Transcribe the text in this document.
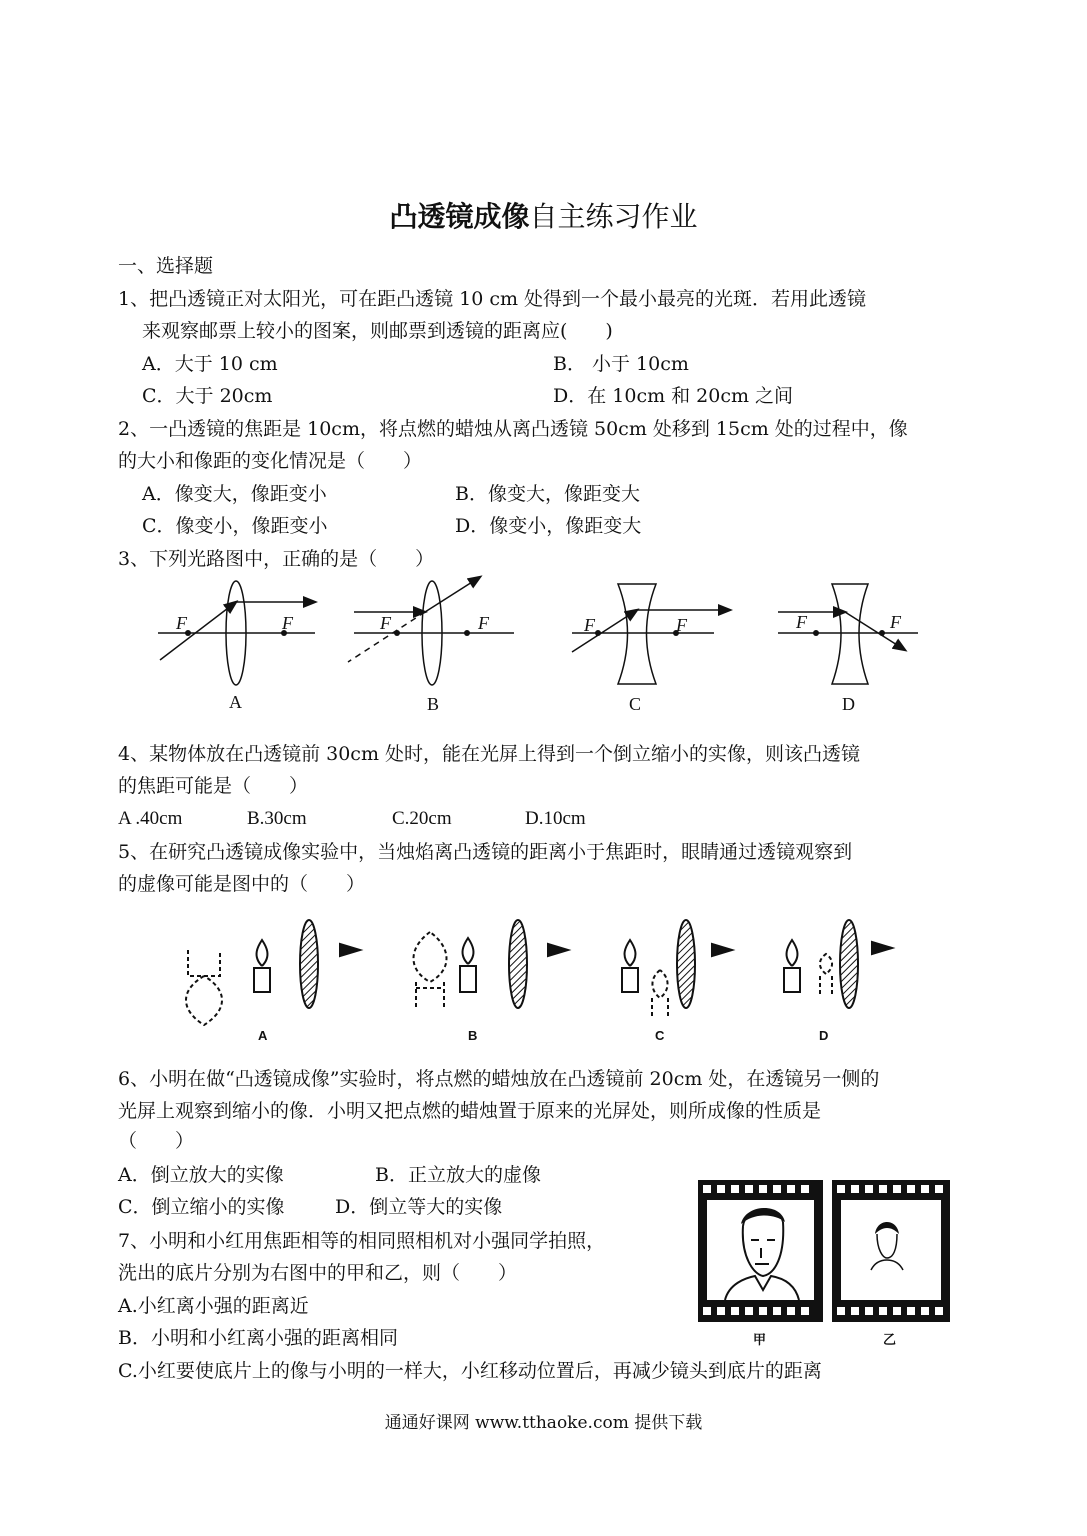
凸透镜成像自主练习作业
一、选择题
1、把凸透镜正对太阳光，可在距凸透镜 10 cm 处得到一个最小最亮的光斑．若用此透镜
来观察邮票上较小的图案，则邮票到透镜的距离应(　　)
A．大于 10 cm	B． 小于 10cm
C．大于 20cm	D．在 10cm 和 20cm 之间
2、一凸透镜的焦距是 10cm，将点燃的蜡烛从离凸透镜 50cm 处移到 15cm 处的过程中，像
的大小和像距的变化情况是（　　）
A．像变大，像距变小	B．像变大，像距变大
C．像变小，像距变小	D．像变小，像距变大
3、下列光路图中，正确的是（　　）
F	F	F	F	F	F	F	F
A	B	C	D
4、某物体放在凸透镜前 30cm 处时，能在光屏上得到一个倒立缩小的实像，则该凸透镜
的焦距可能是（　　）
A .40cm	B.30cm	C.20cm	D.10cm
5、在研究凸透镜成像实验中，当烛焰离凸透镜的距离小于焦距时，眼睛通过透镜观察到
的虚像可能是图中的（　　）
A	B	C	D
6、小明在做“凸透镜成像”实验时，将点燃的蜡烛放在凸透镜前 20cm 处，在透镜另一侧的
光屏上观察到缩小的像．小明又把点燃的蜡烛置于原来的光屏处，则所成像的性质是
（　　）
A．倒立放大的实像	B．正立放大的虚像
C．倒立缩小的实像	D．倒立等大的实像
7、小明和小红用焦距相等的相同照相机对小强同学拍照，
洗出的底片分别为右图中的甲和乙，则（　　）
A.小红离小强的距离近
B．小明和小红离小强的距离相同
C.小红要使底片上的像与小明的一样大，小红移动位置后，再减少镜头到底片的距离
甲	乙
通通好课网 www.tthaoke.com 提供下载
